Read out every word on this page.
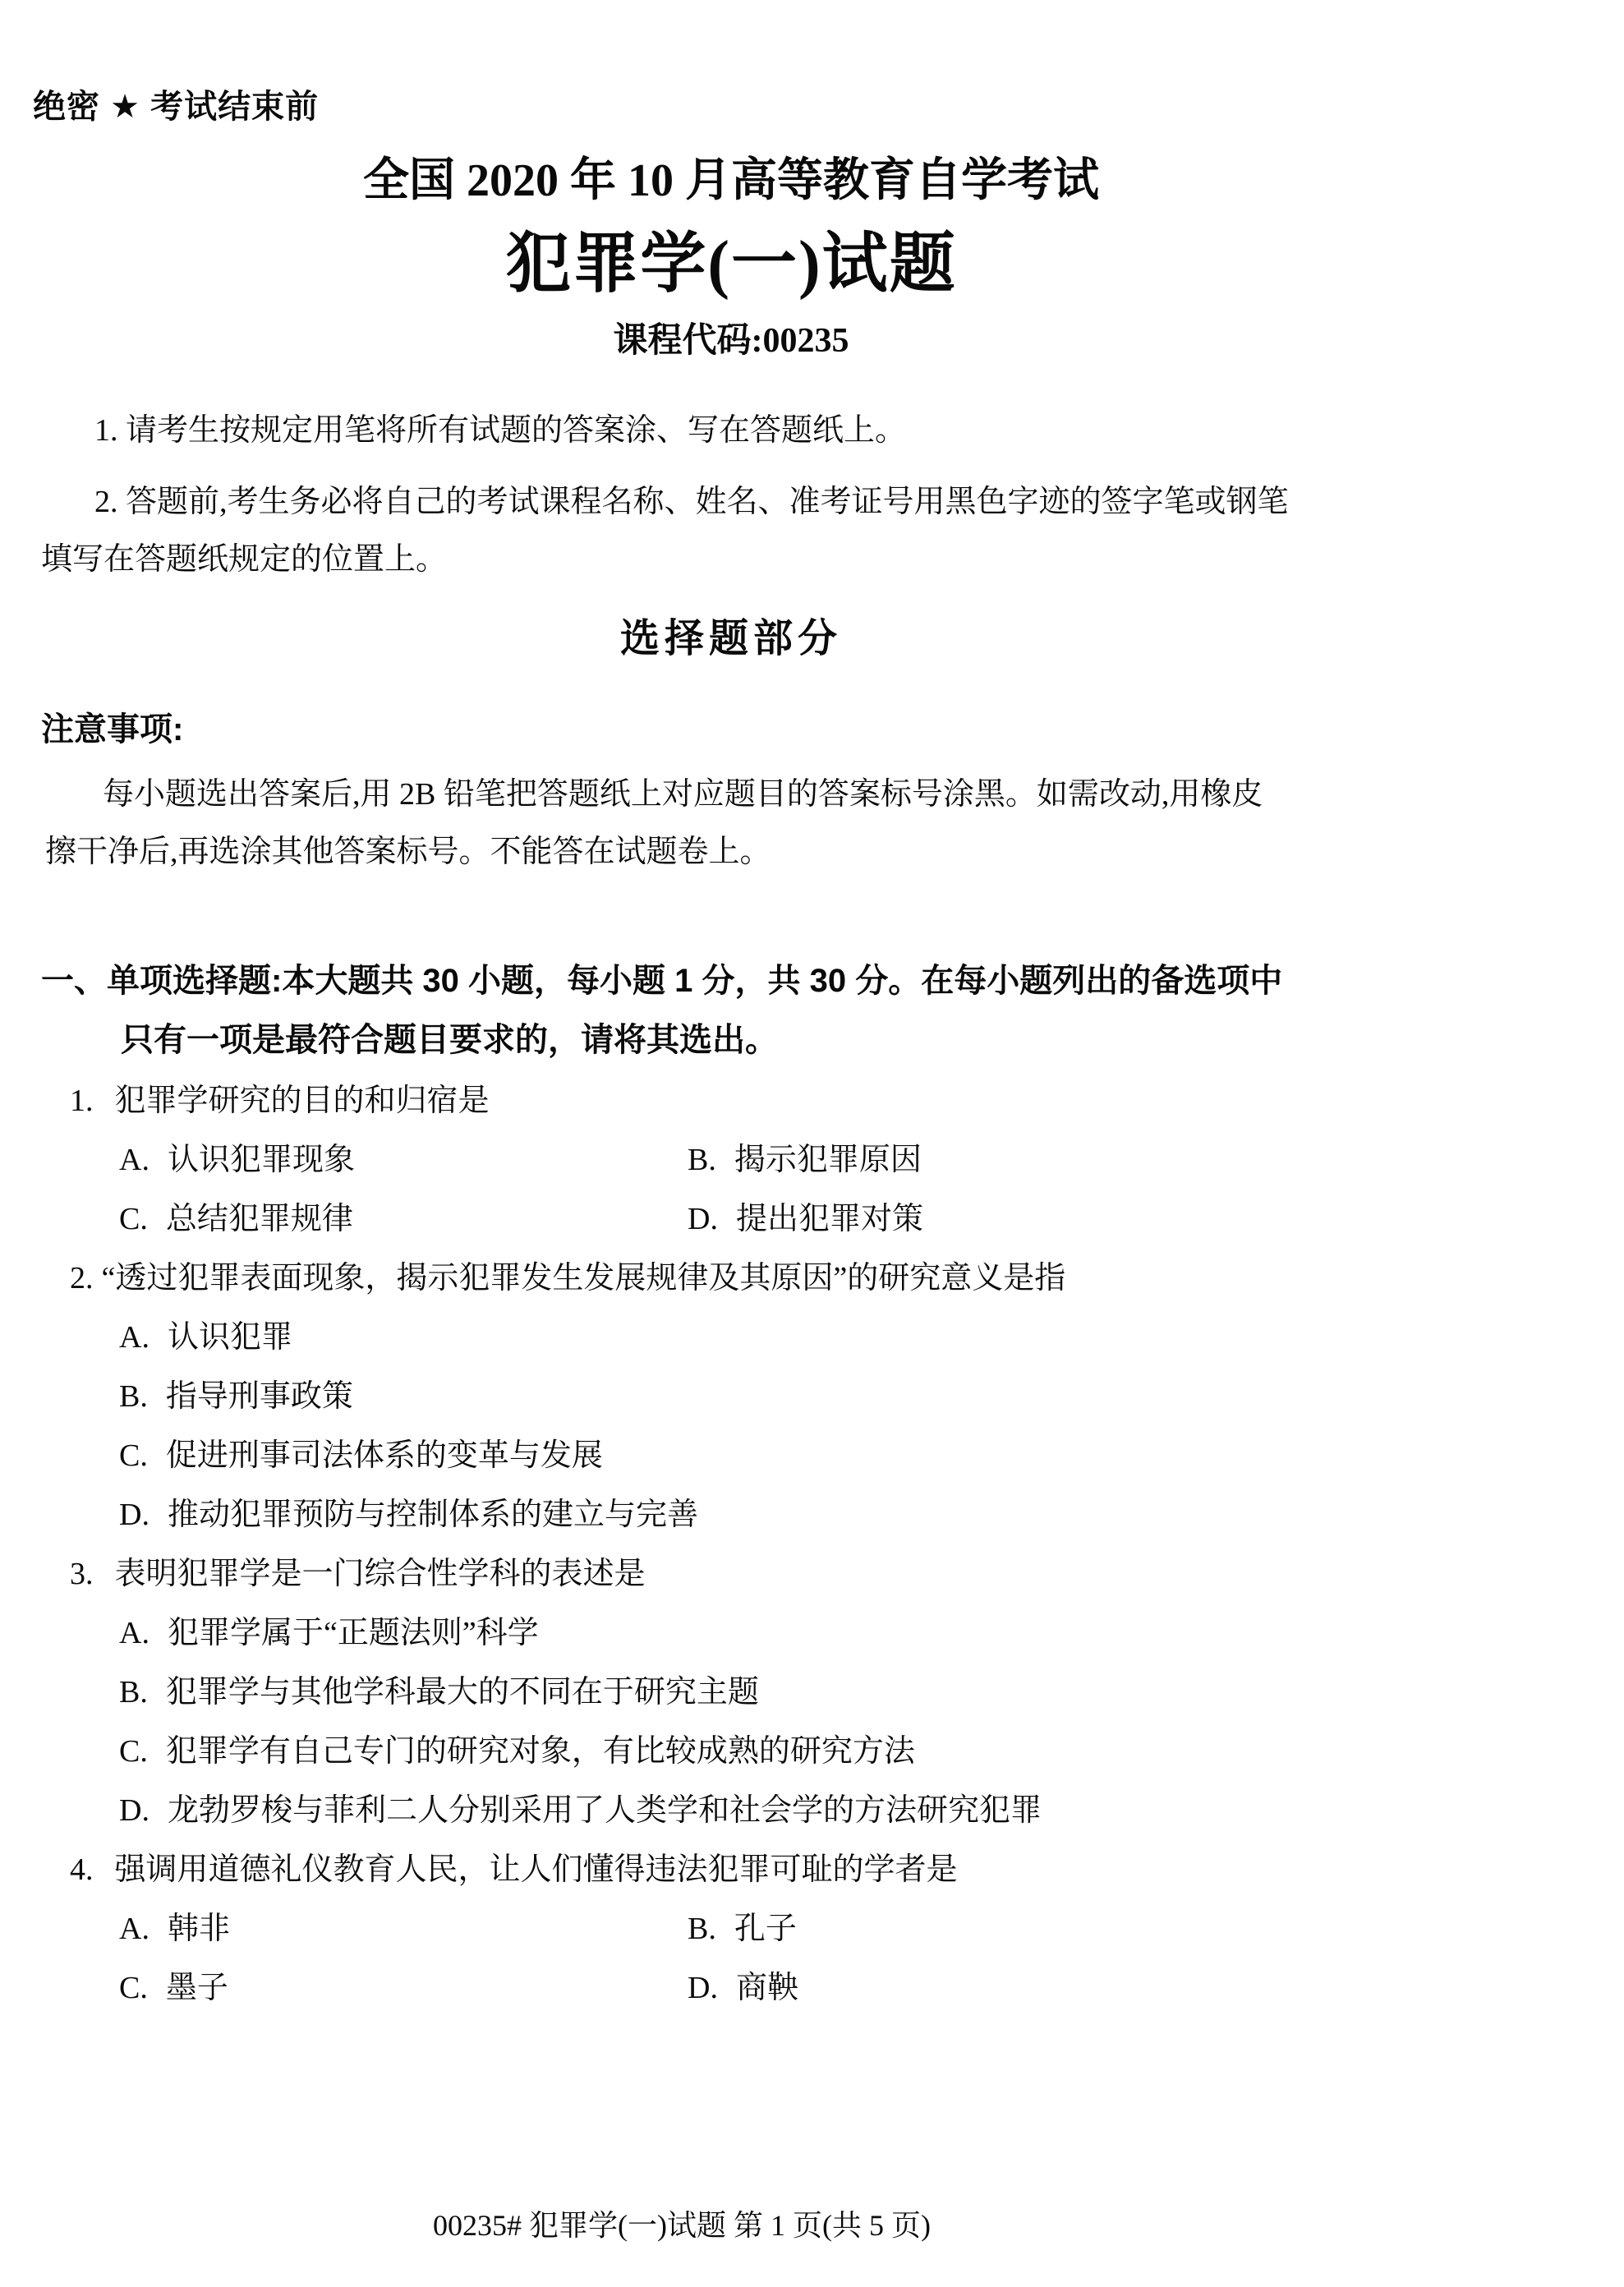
绝密 ★ 考试结束前
全国 2020 年 10 月高等教育自学考试
犯罪学(一)试题
课程代码:00235
1. 请考生按规定用笔将所有试题的答案涂、写在答题纸上。
2. 答题前,考生务必将自己的考试课程名称、姓名、准考证号用黑色字迹的签字笔或钢笔
填写在答题纸规定的位置上。
选择题部分
注意事项:
每小题选出答案后,用 2B 铅笔把答题纸上对应题目的答案标号涂黑。如需改动,用橡皮
擦干净后,再选涂其他答案标号。不能答在试题卷上。
一、单项选择题:本大题共 30 小题，每小题 1 分，共 30 分。在每小题列出的备选项中
只有一项是最符合题目要求的，请将其选出。
1. 犯罪学研究的目的和归宿是
A. 认识犯罪现象	B. 揭示犯罪原因
C. 总结犯罪规律	D. 提出犯罪对策
2. “透过犯罪表面现象，揭示犯罪发生发展规律及其原因”的研究意义是指
A. 认识犯罪
B. 指导刑事政策
C. 促进刑事司法体系的变革与发展
D. 推动犯罪预防与控制体系的建立与完善
3. 表明犯罪学是一门综合性学科的表述是
A. 犯罪学属于“正题法则”科学
B. 犯罪学与其他学科最大的不同在于研究主题
C. 犯罪学有自己专门的研究对象，有比较成熟的研究方法
D. 龙勃罗梭与菲利二人分别采用了人类学和社会学的方法研究犯罪
4. 强调用道德礼仪教育人民，让人们懂得违法犯罪可耻的学者是
A. 韩非	B. 孔子
C. 墨子	D. 商鞅
00235# 犯罪学(一)试题 第 1 页(共 5 页)
